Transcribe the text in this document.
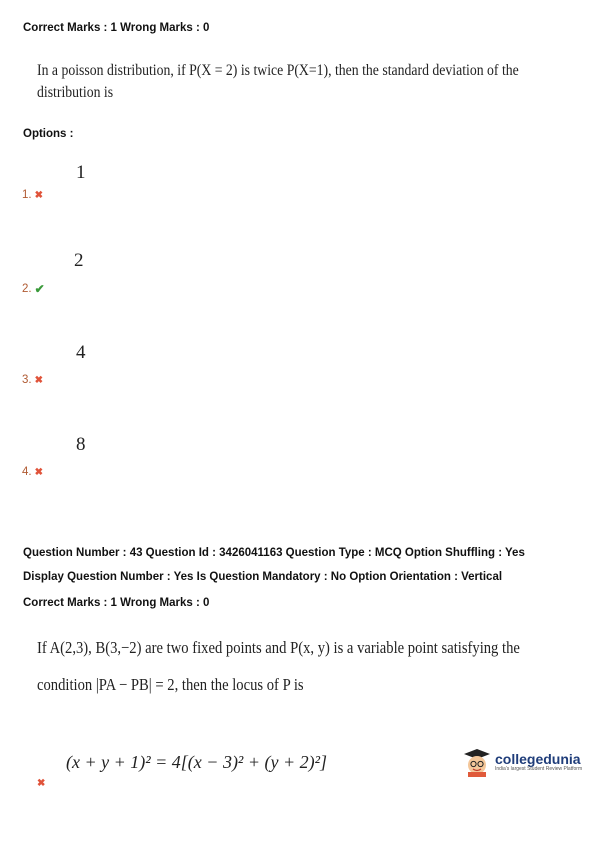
Correct Marks : 1 Wrong Marks : 0
In a poisson distribution, if P(X = 2) is twice P(X=1), then the standard deviation of the
distribution is
Options :
1
1. ✖
2
2. ✔
4
3. ✖
8
4. ✖
Question Number : 43 Question Id : 3426041163 Question Type : MCQ Option Shuffling : Yes
Display Question Number : Yes Is Question Mandatory : No Option Orientation : Vertical
Correct Marks : 1 Wrong Marks : 0
If A(2,3), B(3,−2) are two fixed points and P(x, y) is a variable point satisfying the
condition |PA − PB| = 2, then the locus of P is
(x + y + 1)² = 4[(x − 3)² + (y + 2)²]
✖
collegedunia
India's largest Student Review Platform
